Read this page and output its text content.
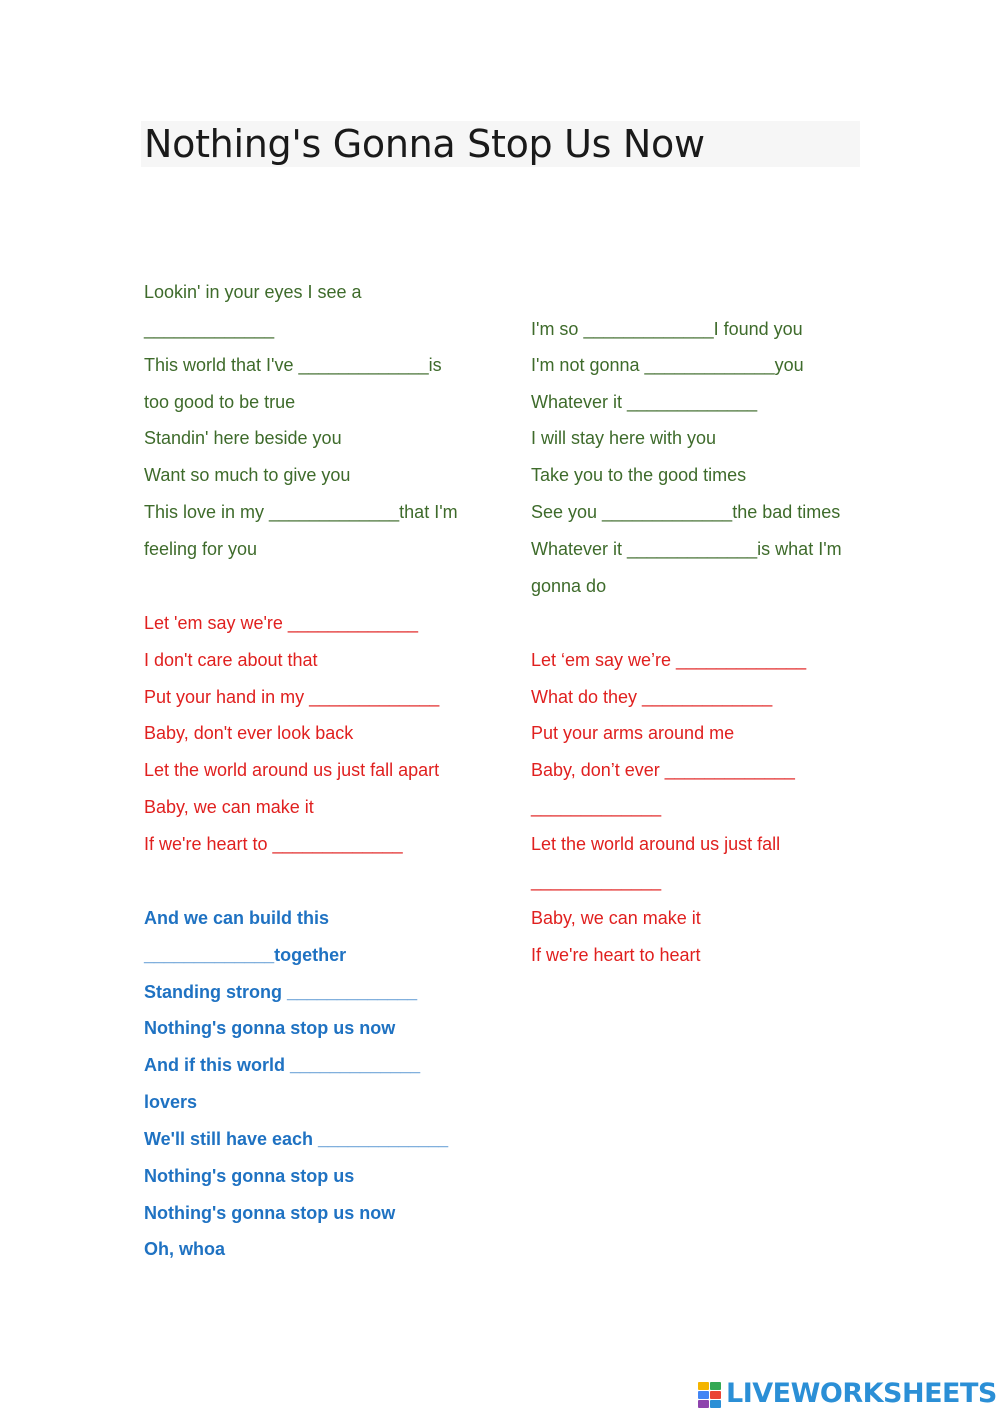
Nothing's Gonna Stop Us Now
Lookin' in your eyes I see a
_____________
This world that I've _____________is
too good to be true
Standin' here beside you
Want so much to give you
This love in my _____________that I'm
feeling for you
Let 'em say we're _____________
I don't care about that
Put your hand in my _____________
Baby, don't ever look back
Let the world around us just fall apart
Baby, we can make it
If we're heart to _____________
And we can build this
_____________together
Standing strong _____________
Nothing's gonna stop us now
And if this world _____________
lovers
We'll still have each _____________
Nothing's gonna stop us
Nothing's gonna stop us now
Oh, whoa
I'm so _____________I found you
I'm not gonna _____________you
Whatever it _____________
I will stay here with you
Take you to the good times
See you _____________the bad times
Whatever it _____________is what I'm
gonna do
Let ‘em say we’re _____________
What do they _____________
Put your arms around me
Baby, don’t ever _____________
_____________
Let the world around us just fall
_____________
Baby, we can make it
If we're heart to heart
LIVEWORKSHEETS
